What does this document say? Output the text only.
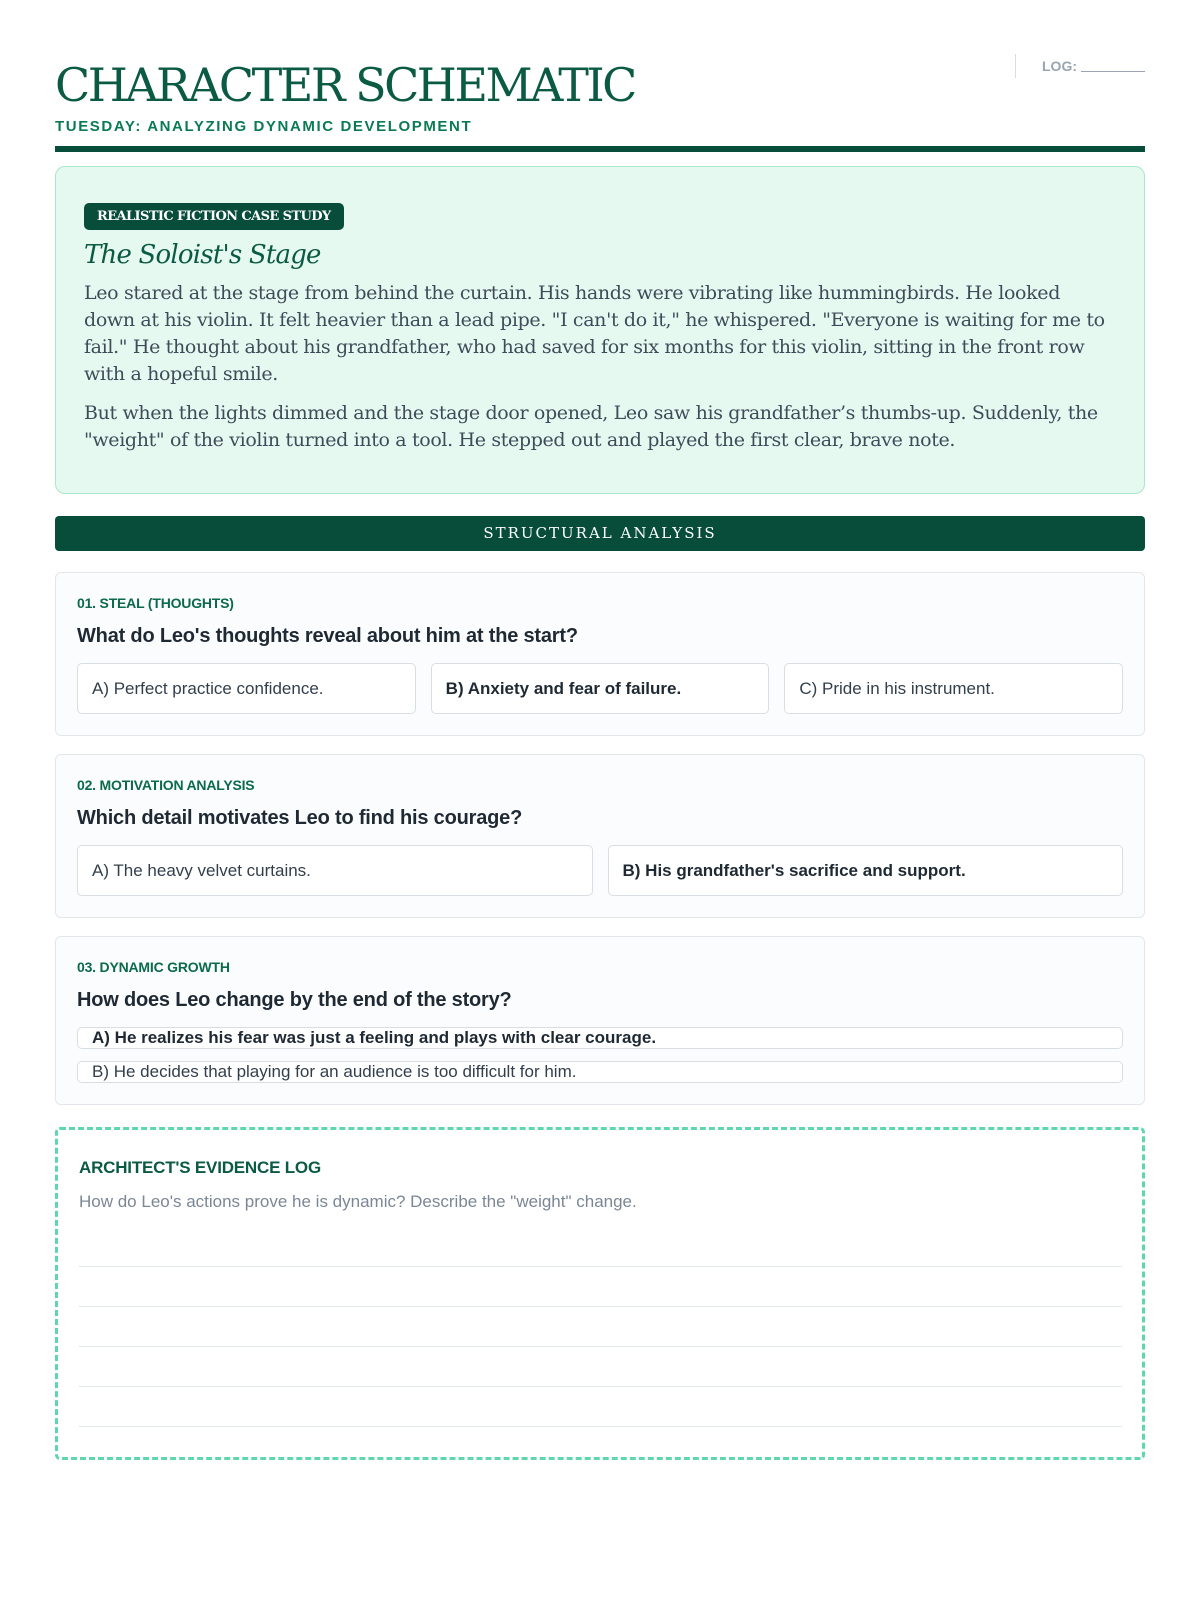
CHARACTER SCHEMATIC
TUESDAY: ANALYZING DYNAMIC DEVELOPMENT
LOG:
REALISTIC FICTION CASE STUDY
The Soloist's Stage

Leo stared at the stage from behind the curtain. His hands were vibrating like hummingbirds. He looked down at his violin. It felt heavier than a lead pipe. "I can't do it," he whispered. "Everyone is waiting for me to fail." He thought about his grandfather, who had saved for six months for this violin, sitting in the front row with a hopeful smile.

But when the lights dimmed and the stage door opened, Leo saw his grandfather’s thumbs-up. Suddenly, the "weight" of the violin turned into a tool. He stepped out and played the first clear, brave note.

STRUCTURAL ANALYSIS
01. STEAL (THOUGHTS)
What do Leo's thoughts reveal about him at the start?
A) Perfect practice confidence.	B) Anxiety and fear of failure.	C) Pride in his instrument.
02. MOTIVATION ANALYSIS
Which detail motivates Leo to find his courage?
A) The heavy velvet curtains.	B) His grandfather's sacrifice and support.
03. DYNAMIC GROWTH
How does Leo change by the end of the story?
A) He realizes his fear was just a feeling and plays with clear courage.
B) He decides that playing for an audience is too difficult for him.
ARCHITECT'S EVIDENCE LOG
How do Leo's actions prove he is dynamic? Describe the "weight" change.
